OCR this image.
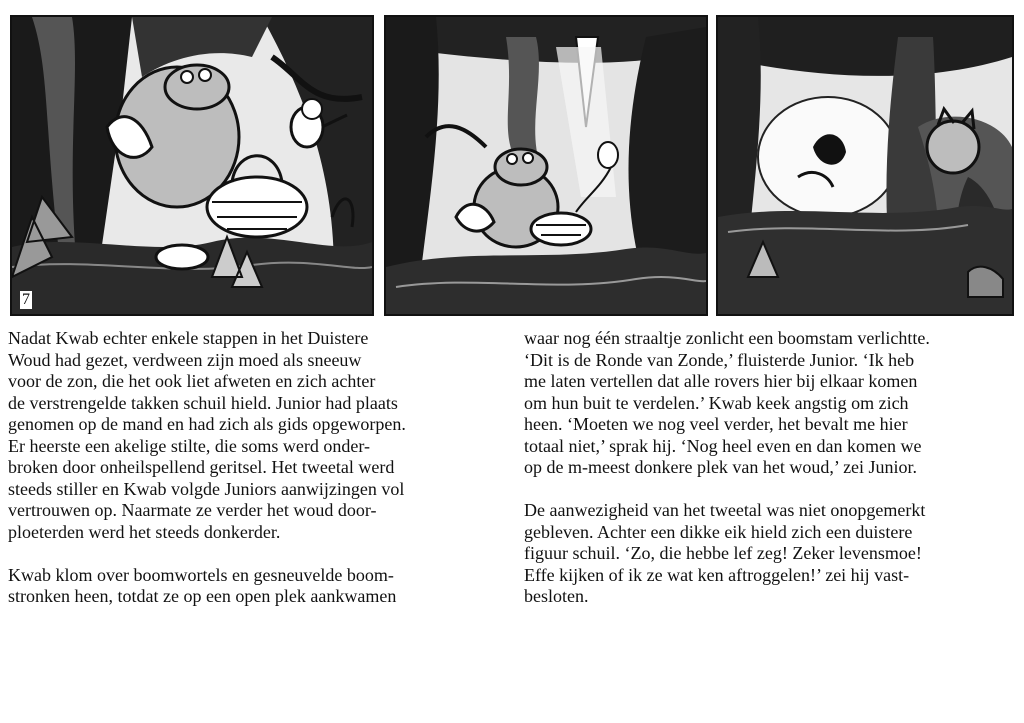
7
Nadat Kwab echter enkele stappen in het Duistere
Woud had gezet, verdween zijn moed als sneeuw
voor de zon, die het ook liet afweten en zich achter
de verstrengelde takken schuil hield. Junior had plaats
genomen op de mand en had zich als gids opgeworpen.
Er heerste een akelige stilte, die soms werd onder-
broken door onheilspellend geritsel. Het tweetal werd
steeds stiller en Kwab volgde Juniors aanwijzingen vol
vertrouwen op. Naarmate ze verder het woud door-
ploeterden werd het steeds donkerder.
Kwab klom over boomwortels en gesneuvelde boom-
stronken heen, totdat ze op een open plek aankwamen
waar nog één straaltje zonlicht een boomstam verlichtte.
‘Dit is de Ronde van Zonde,’ fluisterde Junior. ‘Ik heb
me laten vertellen dat alle rovers hier bij elkaar komen
om hun buit te verdelen.’ Kwab keek angstig om zich
heen. ‘Moeten we nog veel verder, het bevalt me hier
totaal niet,’ sprak hij. ‘Nog heel even en dan komen we
op de m-meest donkere plek van het woud,’ zei Junior.
De aanwezigheid van het tweetal was niet onopgemerkt
gebleven. Achter een dikke eik hield zich een duistere
figuur schuil. ‘Zo, die hebbe lef zeg! Zeker levensmoe!
Effe kijken of ik ze wat ken aftroggelen!’ zei hij vast-
besloten.
